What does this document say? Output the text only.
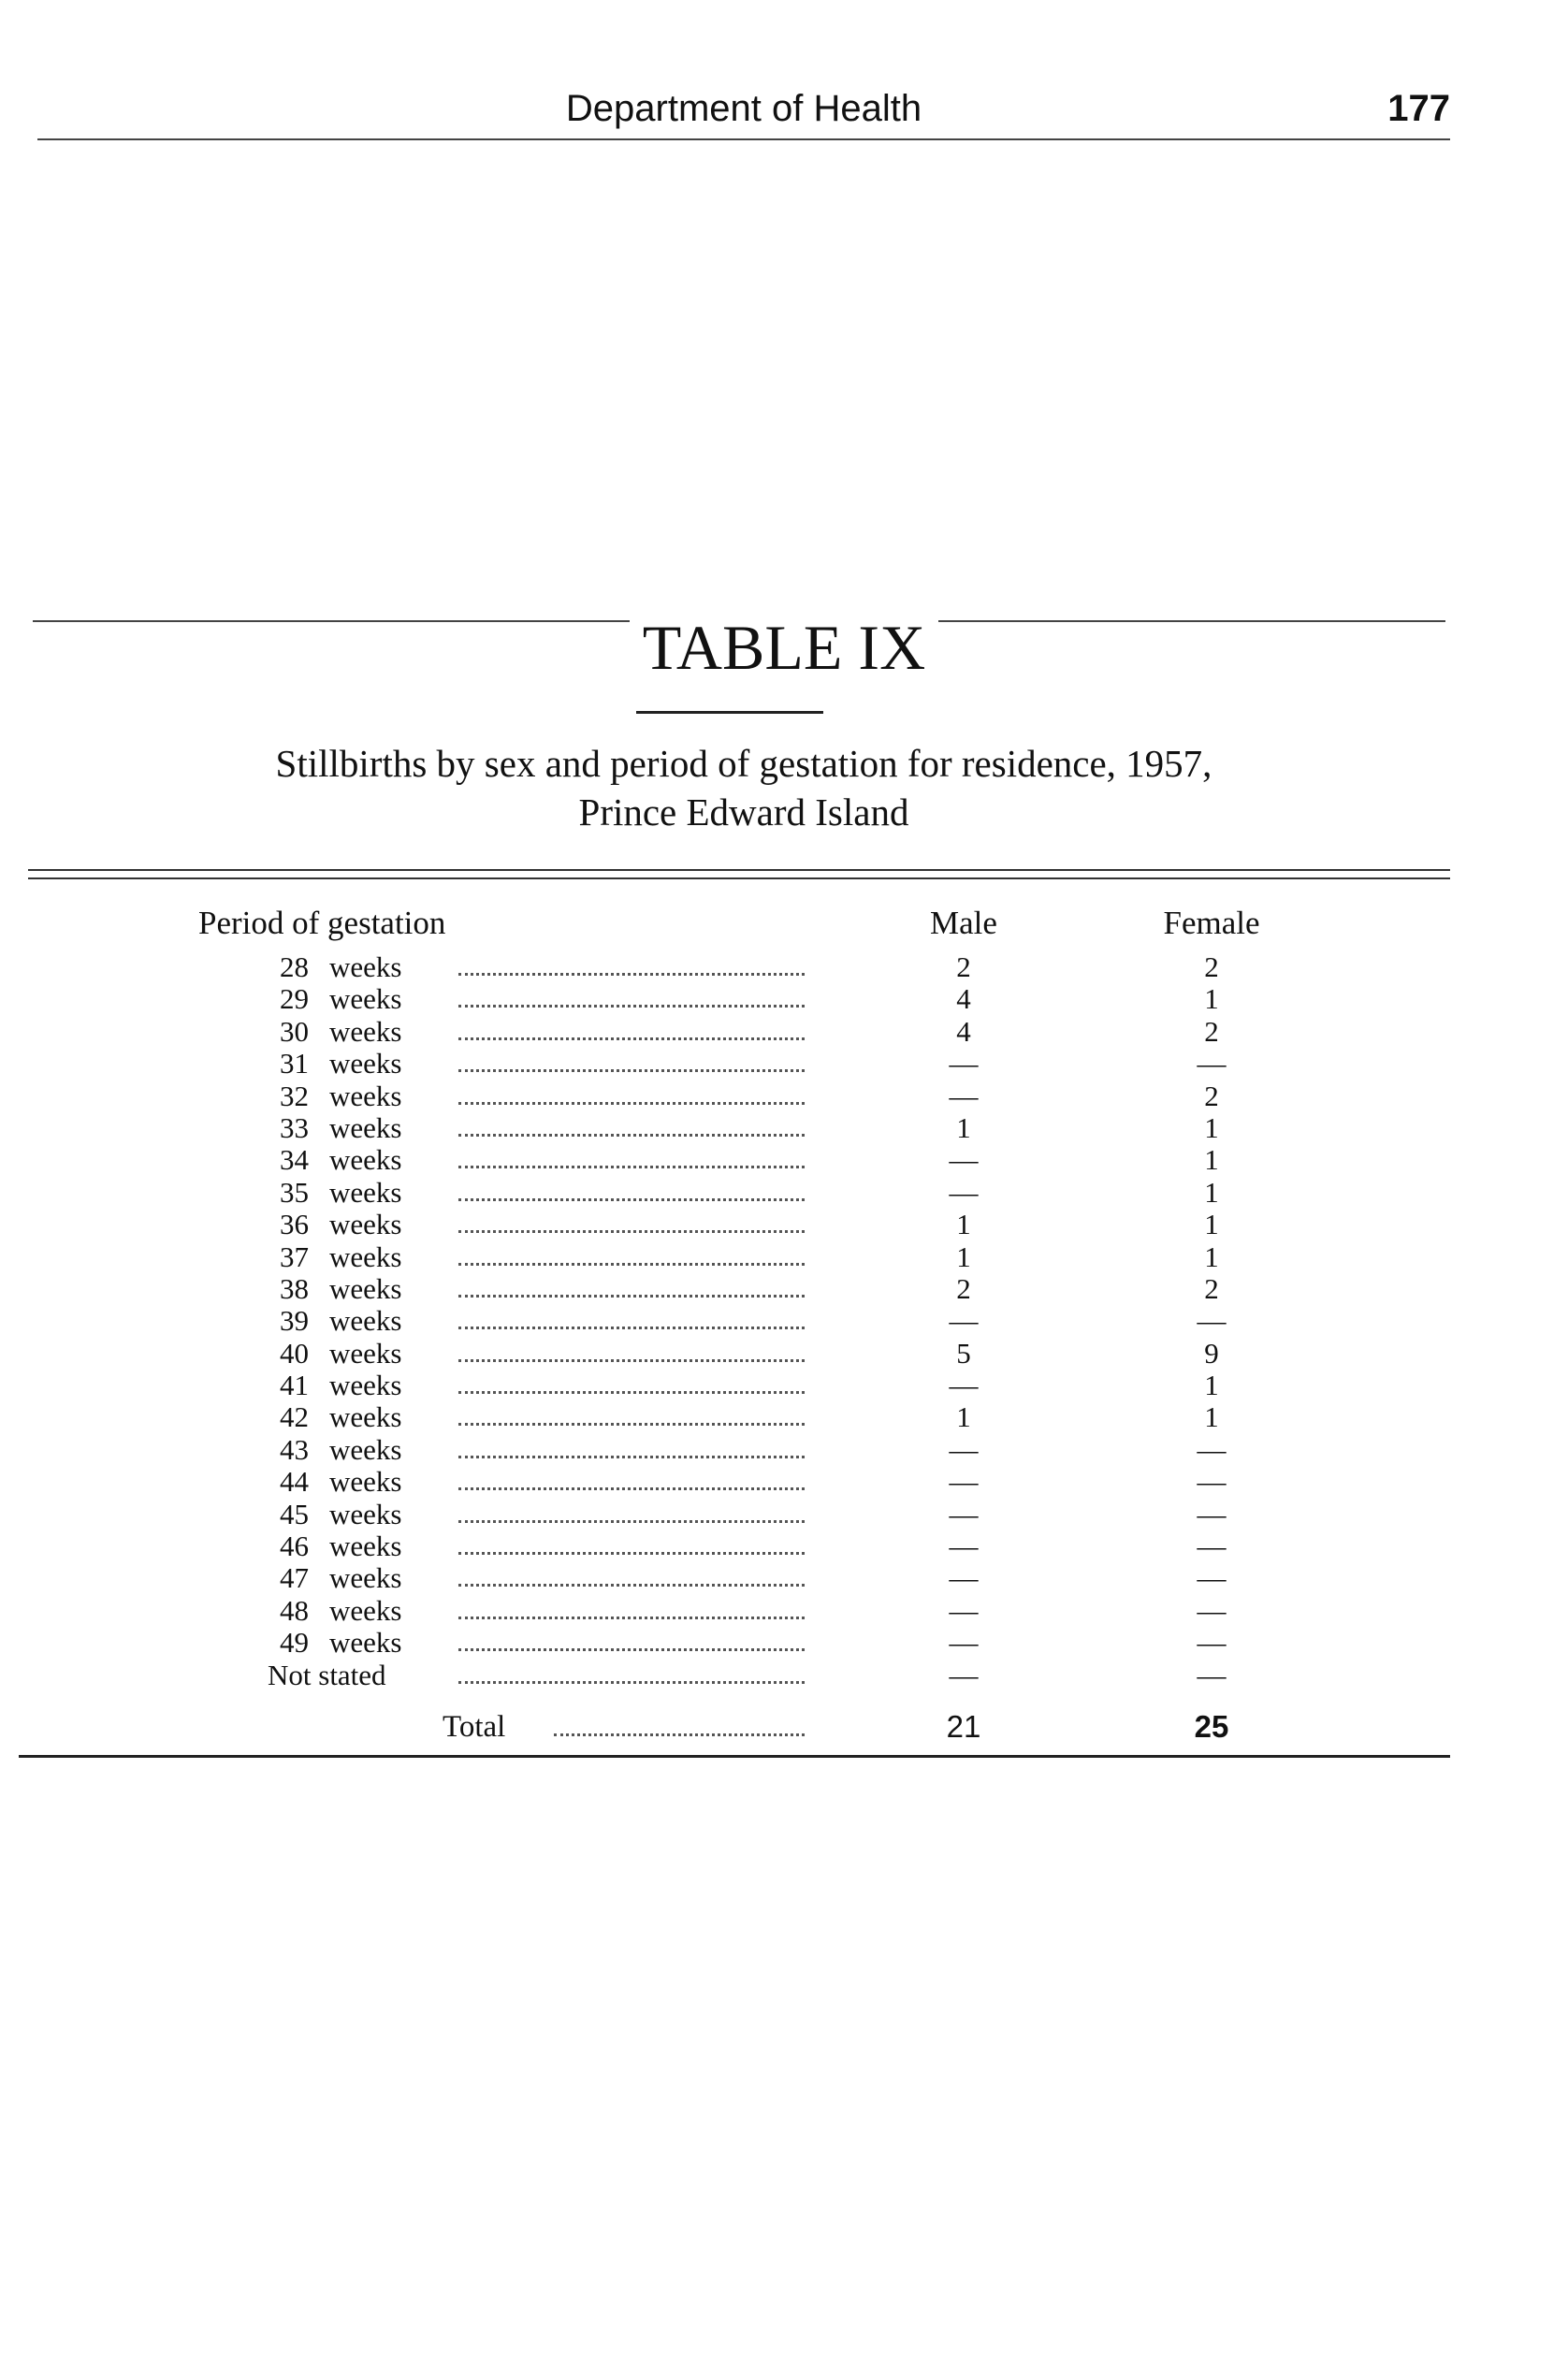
Department of Health	177
TABLE IX
Stillbirths by sex and period of gestation for residence, 1957,
Prince Edward Island
Period of gestation	Male	Female
28 weeks	2	2
29 weeks	4	1
30 weeks	4	2
31 weeks	—	—
32 weeks	—	2
33 weeks	1	1
34 weeks	—	1
35 weeks	—	1
36 weeks	1	1
37 weeks	1	1
38 weeks	2	2
39 weeks	—	—
40 weeks	5	9
41 weeks	—	1
42 weeks	1	1
43 weeks	—	—
44 weeks	—	—
45 weeks	—	—
46 weeks	—	—
47 weeks	—	—
48 weeks	—	—
49 weeks	—	—
Not stated	—	—
Total	21	25
